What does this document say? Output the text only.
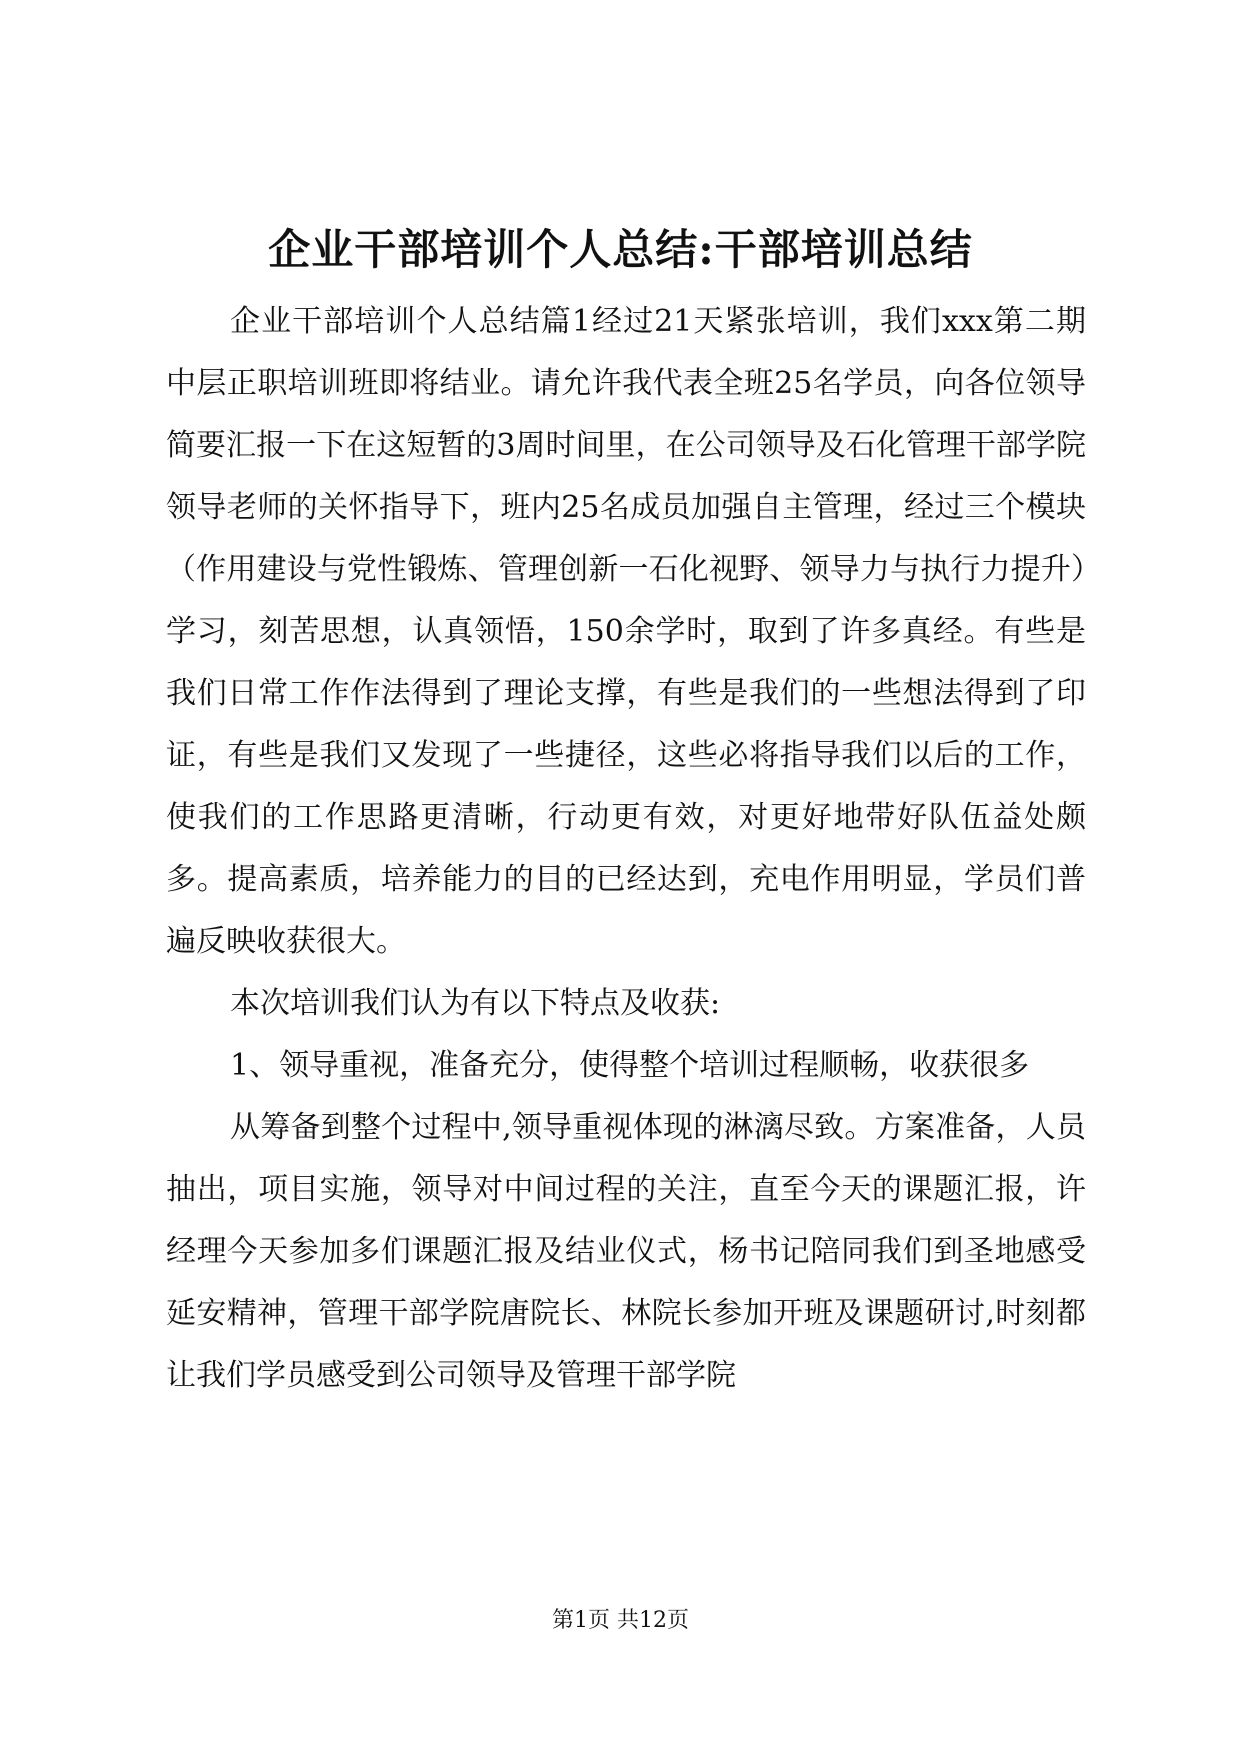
企业干部培训个人总结:干部培训总结

企业干部培训个人总结篇1经过21天紧张培训，我们xxx第二期中层正职培训班即将结业。请允许我代表全班25名学员，向各位领导简要汇报一下在这短暂的3周时间里，在公司领导及石化管理干部学院领导老师的关怀指导下，班内25名成员加强自主管理，经过三个模块（作用建设与党性锻炼、管理创新一石化视野、领导力与执行力提升）学习，刻苦思想，认真领悟，150余学时，取到了许多真经。有些是我们日常工作作法得到了理论支撑，有些是我们的一些想法得到了印证，有些是我们又发现了一些捷径，这些必将指导我们以后的工作，使我们的工作思路更清晰，行动更有效，对更好地带好队伍益处颇多。提高素质，培养能力的目的已经达到，充电作用明显，学员们普遍反映收获很大。

本次培训我们认为有以下特点及收获:

1、领导重视，准备充分，使得整个培训过程顺畅，收获很多

从筹备到整个过程中,领导重视体现的淋漓尽致。方案准备，人员抽出，项目实施，领导对中间过程的关注，直至今天的课题汇报，许经理今天参加多们课题汇报及结业仪式，杨书记陪同我们到圣地感受延安精神，管理干部学院唐院长、林院长参加开班及课题研讨,时刻都让我们学员感受到公司领导及管理干部学院

第1页 共12页
